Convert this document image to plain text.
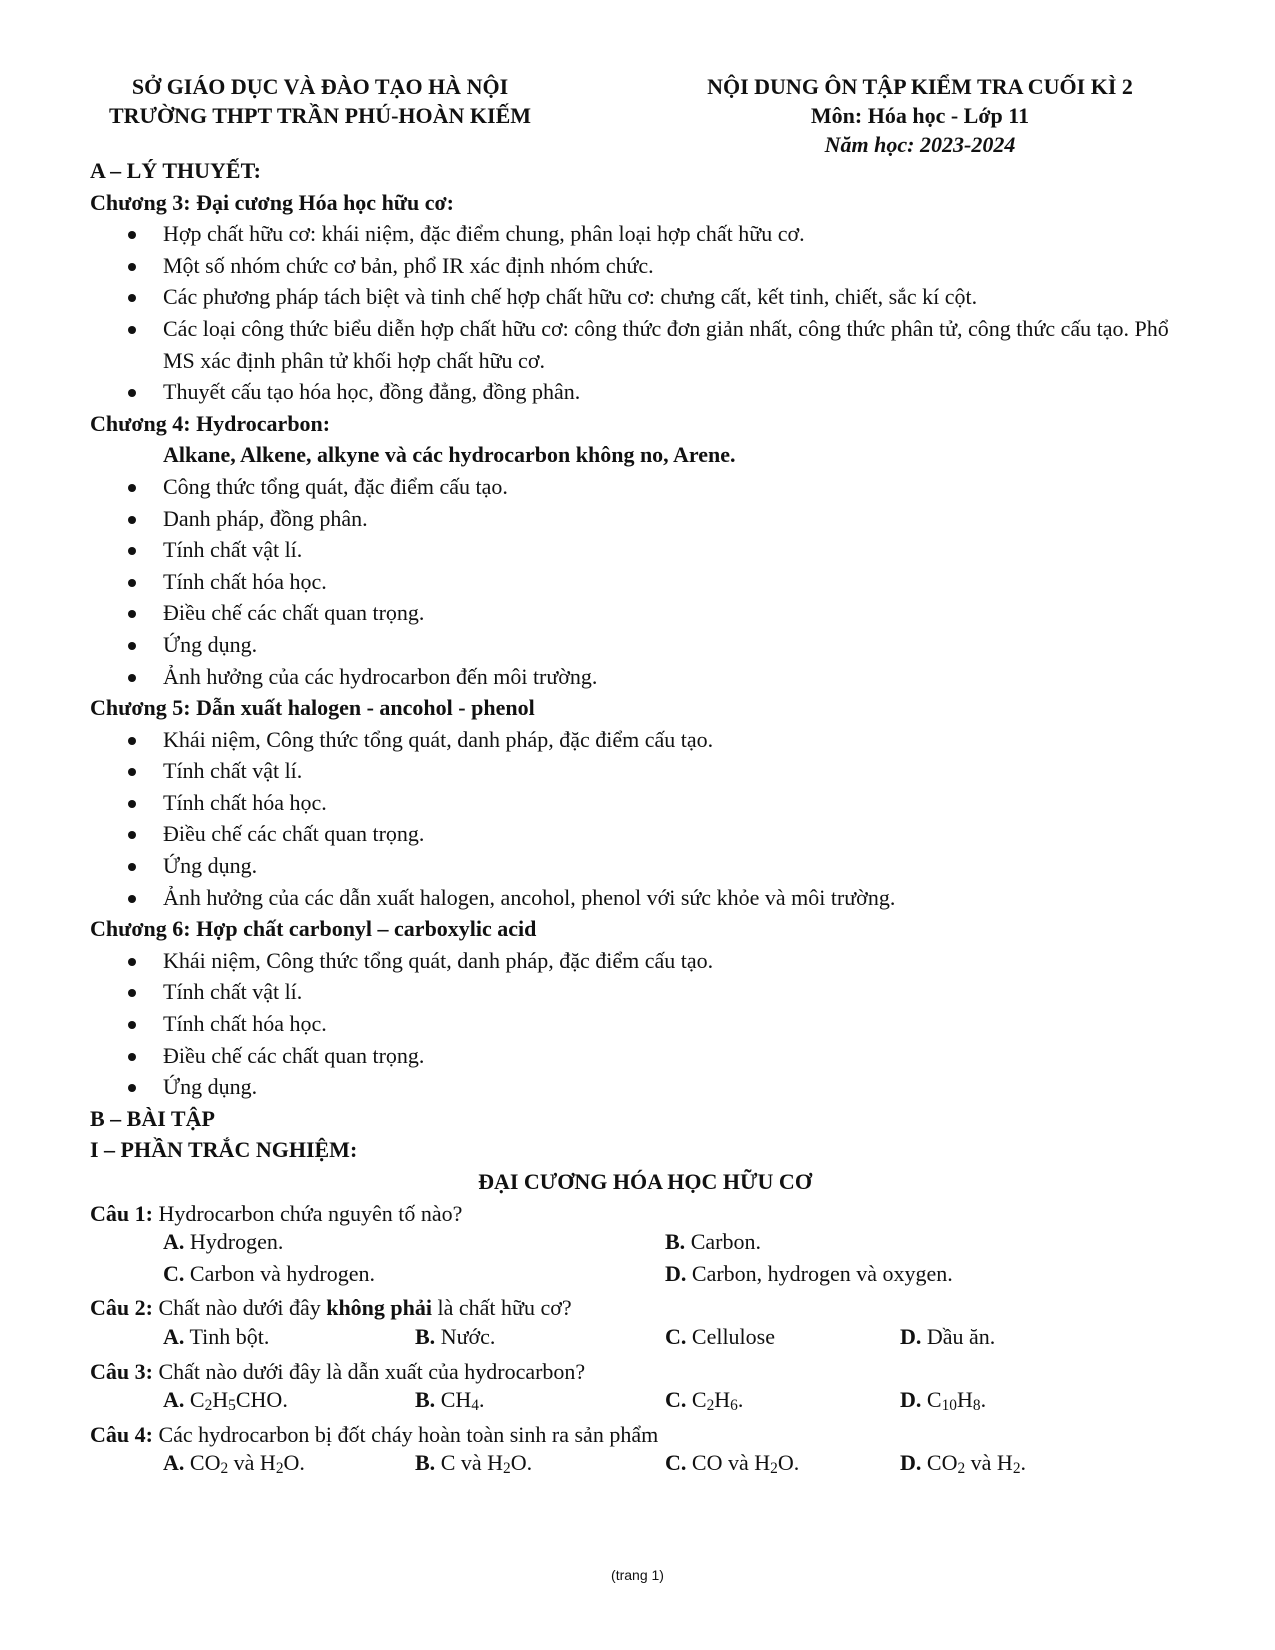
SỞ GIÁO DỤC VÀ ĐÀO TẠO HÀ NỘI
TRƯỜNG THPT TRẦN PHÚ-HOÀN KIẾM
NỘI DUNG ÔN TẬP KIỂM TRA CUỐI KÌ 2
Môn: Hóa học - Lớp 11
Năm học: 2023-2024
A – LÝ THUYẾT:
Chương 3: Đại cương Hóa học hữu cơ:
Hợp chất hữu cơ: khái niệm, đặc điểm chung, phân loại hợp chất hữu cơ.
Một số nhóm chức cơ bản, phổ IR xác định nhóm chức.
Các phương pháp tách biệt và tinh chế hợp chất hữu cơ: chưng cất, kết tinh, chiết, sắc kí cột.
Các loại công thức biểu diễn hợp chất hữu cơ: công thức đơn giản nhất, công thức phân tử, công thức cấu tạo. Phổ MS xác định phân tử khối hợp chất hữu cơ.
Thuyết cấu tạo hóa học, đồng đẳng, đồng phân.
Chương 4: Hydrocarbon:
Alkane, Alkene, alkyne và các hydrocarbon không no, Arene.
Công thức tổng quát, đặc điểm cấu tạo.
Danh pháp, đồng phân.
Tính chất vật lí.
Tính chất hóa học.
Điều chế các chất quan trọng.
Ứng dụng.
Ảnh hưởng của các hydrocarbon đến môi trường.
Chương 5: Dẫn xuất halogen - ancohol - phenol
Khái niệm, Công thức tổng quát, danh pháp, đặc điểm cấu tạo.
Tính chất vật lí.
Tính chất hóa học.
Điều chế các chất quan trọng.
Ứng dụng.
Ảnh hưởng của các dẫn xuất halogen, ancohol, phenol với sức khỏe và môi trường.
Chương 6: Hợp chất carbonyl – carboxylic acid
Khái niệm, Công thức tổng quát, danh pháp, đặc điểm cấu tạo.
Tính chất vật lí.
Tính chất hóa học.
Điều chế các chất quan trọng.
Ứng dụng.
B – BÀI TẬP
I – PHẦN TRẮC NGHIỆM:
ĐẠI CƯƠNG HÓA HỌC HỮU CƠ
Câu 1: Hydrocarbon chứa nguyên tố nào?
A. Hydrogen.	B. Carbon.
C. Carbon và hydrogen.	D. Carbon, hydrogen và oxygen.
Câu 2: Chất nào dưới đây không phải là chất hữu cơ?
A. Tinh bột.	B. Nước.	C. Cellulose	D. Dầu ăn.
Câu 3: Chất nào dưới đây là dẫn xuất của hydrocarbon?
A. $C_2H_5CHO$.	B. $CH_4$.	C. $C_2H_6$.	D. $C_{10}H_8$.
Câu 4: Các hydrocarbon bị đốt cháy hoàn toàn sinh ra sản phẩm
A. $CO_2$ và $H_2O$.	B. C và $H_2O$.	C. CO và $H_2O$.	D. $CO_2$ và $H_2$.
(trang 1)
